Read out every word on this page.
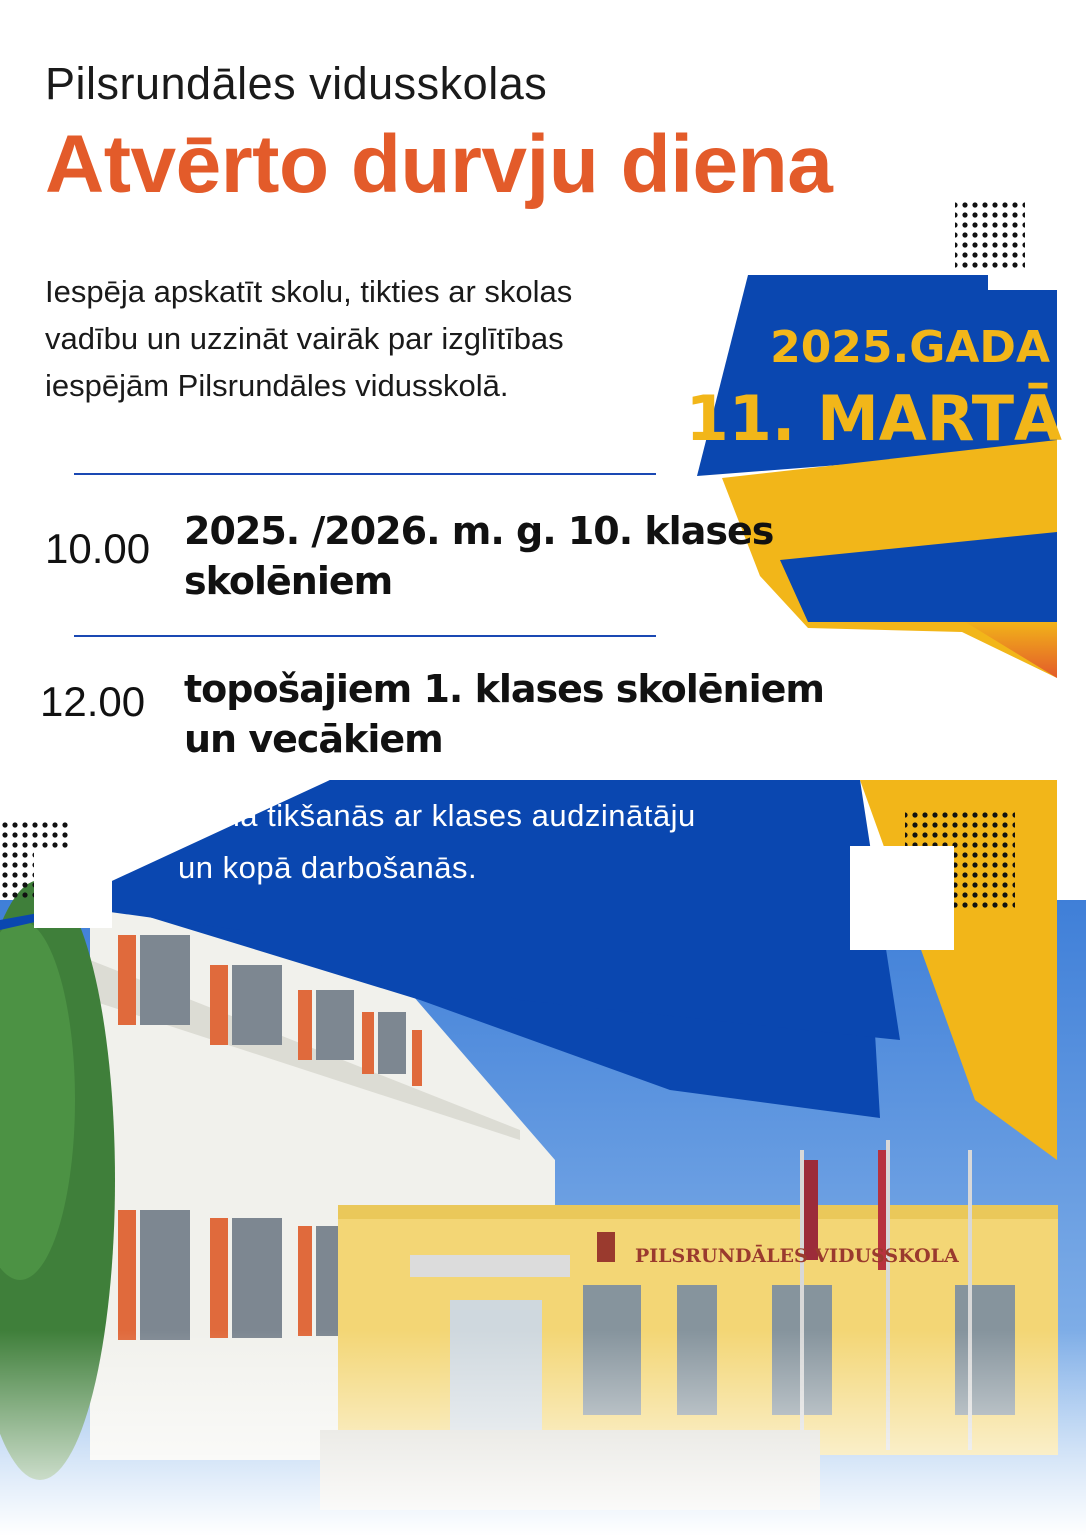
PILSRUNDĀLES VIDUSSKOLA
Pilsrundāles vidusskolas
Atvērto durvju diena
Iespēja apskatīt skolu, tikties ar skolas
vadību un uzzināt vairāk par izglītības
iespējām Pilsrundāles vidusskolā.
2025.GADA
11. MARTĀ
10.00 2025. /2026. m. g. 10. klases
skolēniem
12.00 topošajiem 1. klases skolēniem
un vecākiem
pirmā tikšanās ar klases audzinātāju
un kopā darbošanās.
